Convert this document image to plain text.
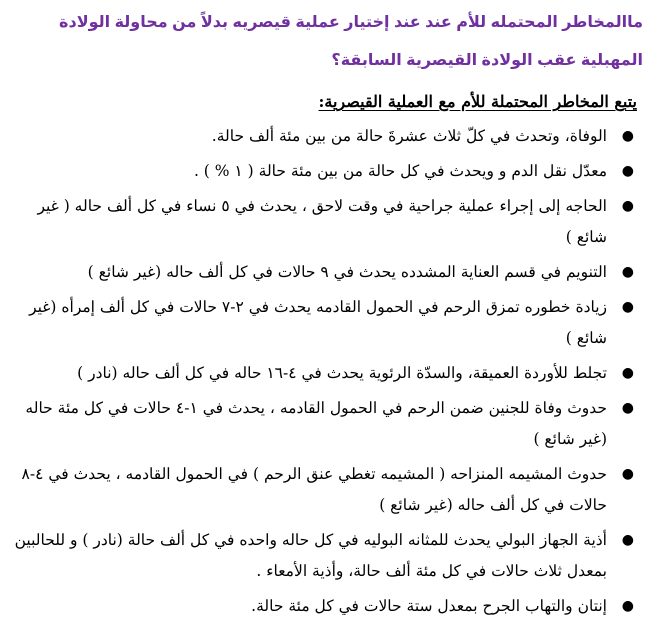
ماالمخاطر المحتمله للأم عند عند إختيار عملية قيصريه بدلاً من محاولة الولادة المهبلية عقب الولادة القيصرية السابقة؟
يتبع المخاطر المحتملة للأم مع العملية القيصرية:
●
الوفاة، وتحدث في كلّ ثلاث عشرةَ حالة من بين مئة ألف حالة.
●
معدّل نقل الدم و ويحدث في كل حالة من بين مئة حالة ( ١ % ) .
●
الحاجه إلى إجراء عملية جراحية في وقت لاحق ، يحدث في ٥ نساء في كل ألف حاله ( غير شائع )
●
التنويم في قسم العناية المشدده يحدث في ٩ حالات في كل ألف حاله (غير شائع )
●
زيادة خطوره تمزق الرحم في الحمول القادمه يحدث في ٢-٧ حالات في كل ألف إمرأه (غير شائع )
●
تجلط للأوردة العميقة، والسدّة الرئوية يحدث في ٤-١٦ حاله في كل ألف حاله (نادر )
●
حدوث وفاة للجنين ضمن الرحم في الحمول القادمه ، يحدث في ١-٤ حالات في كل مئة حاله (غير شائع )
●
حدوث المشيمه المنزاحه ( المشيمه تغطي عنق الرحم ) في الحمول القادمه ، يحدث في ٤-٨ حالات في كل ألف حاله (غير شائع )
●
أذية الجهاز البولي يحدث للمثانه البوليه في كل حاله واحده في كل ألف حالة (نادر ) و للحالبين بمعدل ثلاث حالات في كل مئة ألف حالة، وأذية الأمعاء .
●
إنتان والتهاب الجرح بمعدل ستة حالات في كل مئة حالة.
